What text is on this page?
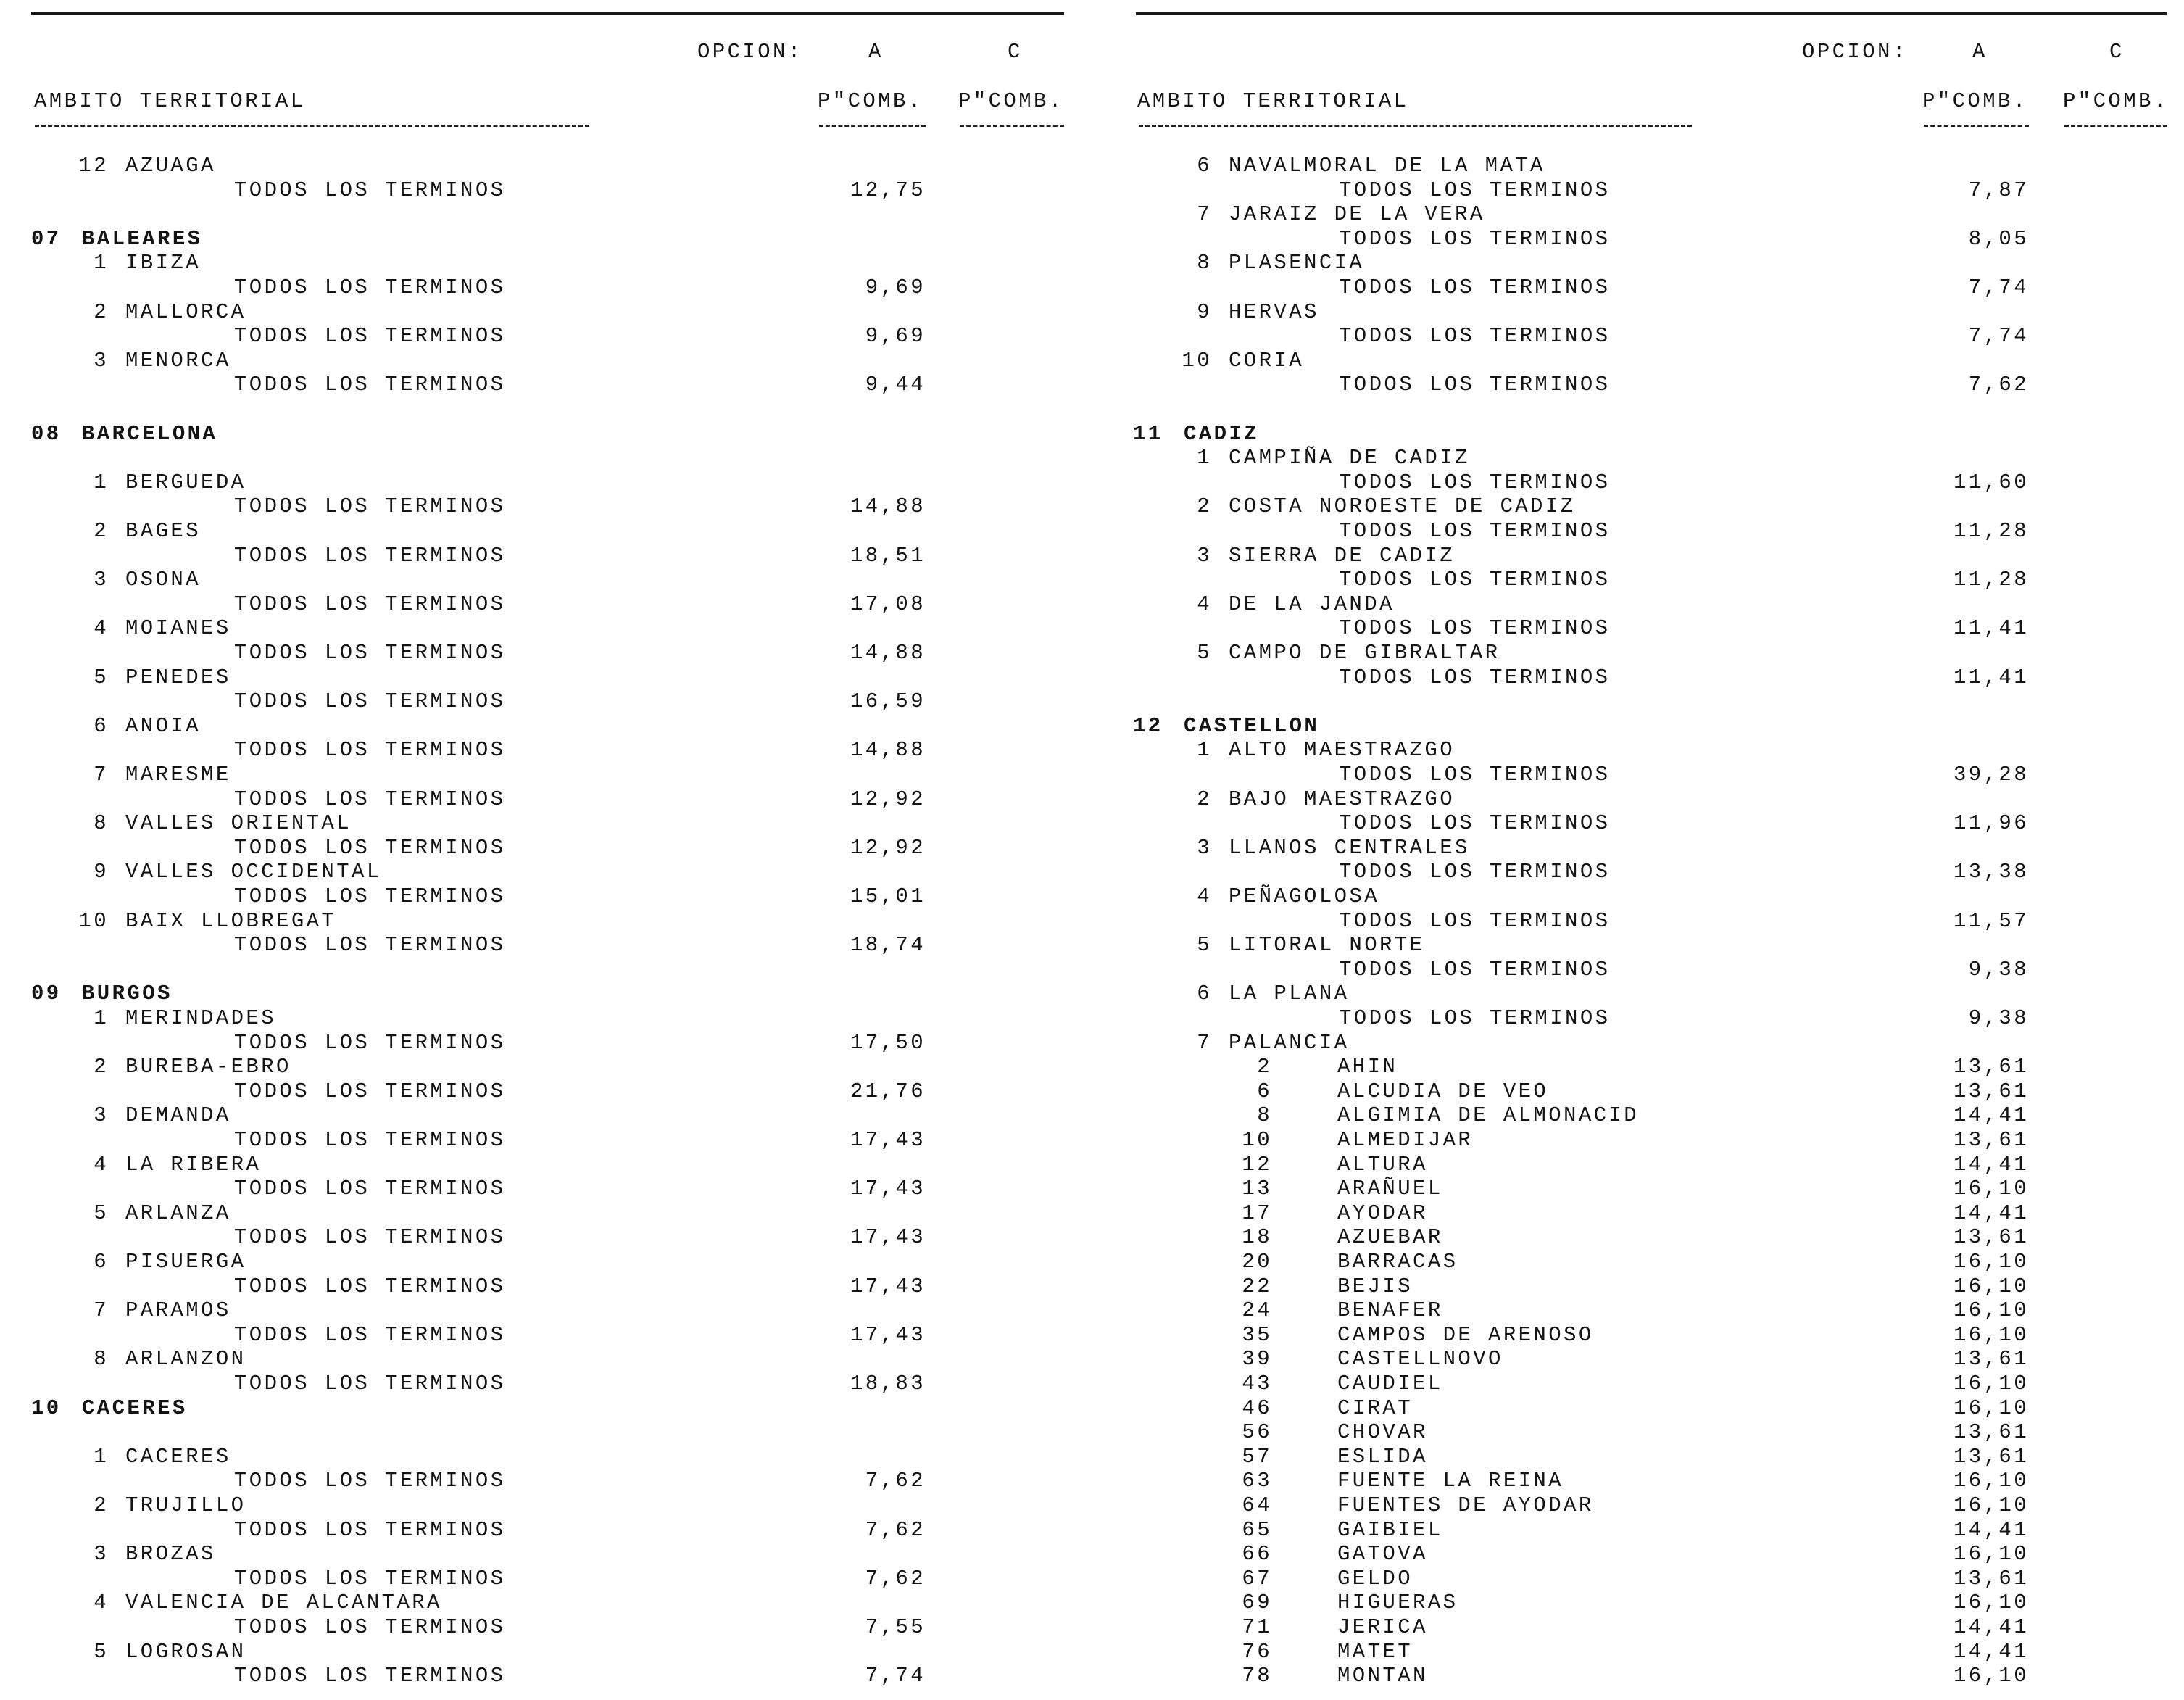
OPCION:	A	C
AMBITO TERRITORIAL	P"COMB. P"COMB.
OPCION:	A	C
AMBITO TERRITORIAL	P"COMB. P"COMB.
12 AZUAGA
TODOS LOS TERMINOS	12,75
07 BALEARES
1 IBIZA
TODOS LOS TERMINOS	9,69
2 MALLORCA
TODOS LOS TERMINOS	9,69
3 MENORCA
TODOS LOS TERMINOS	9,44
08 BARCELONA
1 BERGUEDA
TODOS LOS TERMINOS	14,88
2 BAGES
TODOS LOS TERMINOS	18,51
3 OSONA
TODOS LOS TERMINOS	17,08
4 MOIANES
TODOS LOS TERMINOS	14,88
5 PENEDES
TODOS LOS TERMINOS	16,59
6 ANOIA
TODOS LOS TERMINOS	14,88
7 MARESME
TODOS LOS TERMINOS	12,92
8 VALLES ORIENTAL
TODOS LOS TERMINOS	12,92
9 VALLES OCCIDENTAL
TODOS LOS TERMINOS	15,01
10 BAIX LLOBREGAT
TODOS LOS TERMINOS	18,74
09 BURGOS
1 MERINDADES
TODOS LOS TERMINOS	17,50
2 BUREBA-EBRO
TODOS LOS TERMINOS	21,76
3 DEMANDA
TODOS LOS TERMINOS	17,43
4 LA RIBERA
TODOS LOS TERMINOS	17,43
5 ARLANZA
TODOS LOS TERMINOS	17,43
6 PISUERGA
TODOS LOS TERMINOS	17,43
7 PARAMOS
TODOS LOS TERMINOS	17,43
8 ARLANZON
TODOS LOS TERMINOS	18,83
10 CACERES
1 CACERES
TODOS LOS TERMINOS	7,62
2 TRUJILLO
TODOS LOS TERMINOS	7,62
3 BROZAS
TODOS LOS TERMINOS	7,62
4 VALENCIA DE ALCANTARA
TODOS LOS TERMINOS	7,55
5 LOGROSAN
TODOS LOS TERMINOS	7,74
6 NAVALMORAL DE LA MATA
TODOS LOS TERMINOS	7,87
7 JARAIZ DE LA VERA
TODOS LOS TERMINOS	8,05
8 PLASENCIA
TODOS LOS TERMINOS	7,74
9 HERVAS
TODOS LOS TERMINOS	7,74
10 CORIA
TODOS LOS TERMINOS	7,62
11 CADIZ
1 CAMPIÑA DE CADIZ
TODOS LOS TERMINOS	11,60
2 COSTA NOROESTE DE CADIZ
TODOS LOS TERMINOS	11,28
3 SIERRA DE CADIZ
TODOS LOS TERMINOS	11,28
4 DE LA JANDA
TODOS LOS TERMINOS	11,41
5 CAMPO DE GIBRALTAR
TODOS LOS TERMINOS	11,41
12 CASTELLON
1 ALTO MAESTRAZGO
TODOS LOS TERMINOS	39,28
2 BAJO MAESTRAZGO
TODOS LOS TERMINOS	11,96
3 LLANOS CENTRALES
TODOS LOS TERMINOS	13,38
4 PEÑAGOLOSA
TODOS LOS TERMINOS	11,57
5 LITORAL NORTE
TODOS LOS TERMINOS	9,38
6 LA PLANA
TODOS LOS TERMINOS	9,38
7 PALANCIA
2	AHIN	13,61
6	ALCUDIA DE VEO	13,61
8	ALGIMIA DE ALMONACID	14,41
10	ALMEDIJAR	13,61
12	ALTURA	14,41
13	ARAÑUEL	16,10
17	AYODAR	14,41
18	AZUEBAR	13,61
20	BARRACAS	16,10
22	BEJIS	16,10
24	BENAFER	16,10
35	CAMPOS DE ARENOSO	16,10
39	CASTELLNOVO	13,61
43	CAUDIEL	16,10
46	CIRAT	16,10
56	CHOVAR	13,61
57	ESLIDA	13,61
63	FUENTE LA REINA	16,10
64	FUENTES DE AYODAR	16,10
65	GAIBIEL	14,41
66	GATOVA	16,10
67	GELDO	13,61
69	HIGUERAS	16,10
71	JERICA	14,41
76	MATET	14,41
78	MONTAN	16,10
